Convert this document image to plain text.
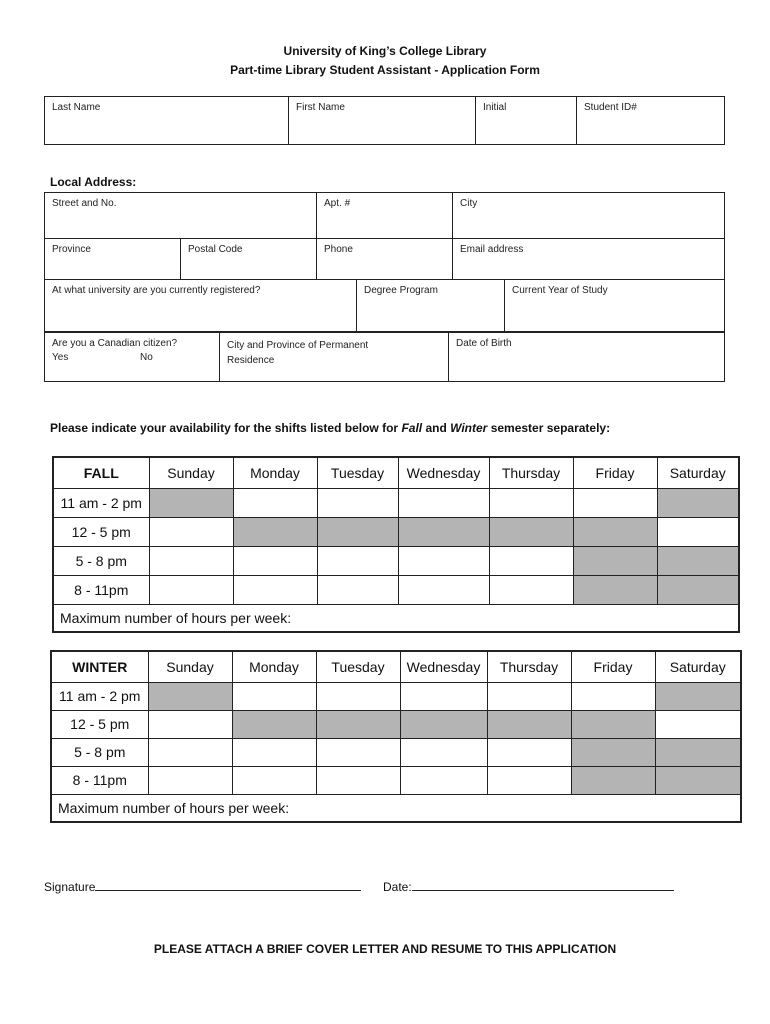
University of King’s College Library
Part-time Library Student Assistant - Application Form
Last Name	First Name	Initial	Student ID#
Local Address:
Street and No.		Apt. #	City
Province	Postal Code	Phone	Email address
At what university are you currently registered?	Degree Program	Current Year of Study
Are you a Canadian citizen?
Yes	No
	City and Province of Permanent Residence	Date of Birth
Please indicate your availability for the shifts listed below for Fall and Winter semester separately:
FALL	Sunday	Monday	Tuesday	Wednesday	Thursday	Friday	Saturday
11 am - 2 pm							
12 - 5 pm							
5 - 8 pm							
8 - 11pm							
Maximum number of hours per week:							
WINTER	Sunday	Monday	Tuesday	Wednesday	Thursday	Friday	Saturday
11 am - 2 pm							
12 - 5 pm							
5 - 8 pm							
8 - 11pm							
Maximum number of hours per week:							
Signature	Date:
PLEASE ATTACH A BRIEF COVER LETTER AND RESUME TO THIS APPLICATION
